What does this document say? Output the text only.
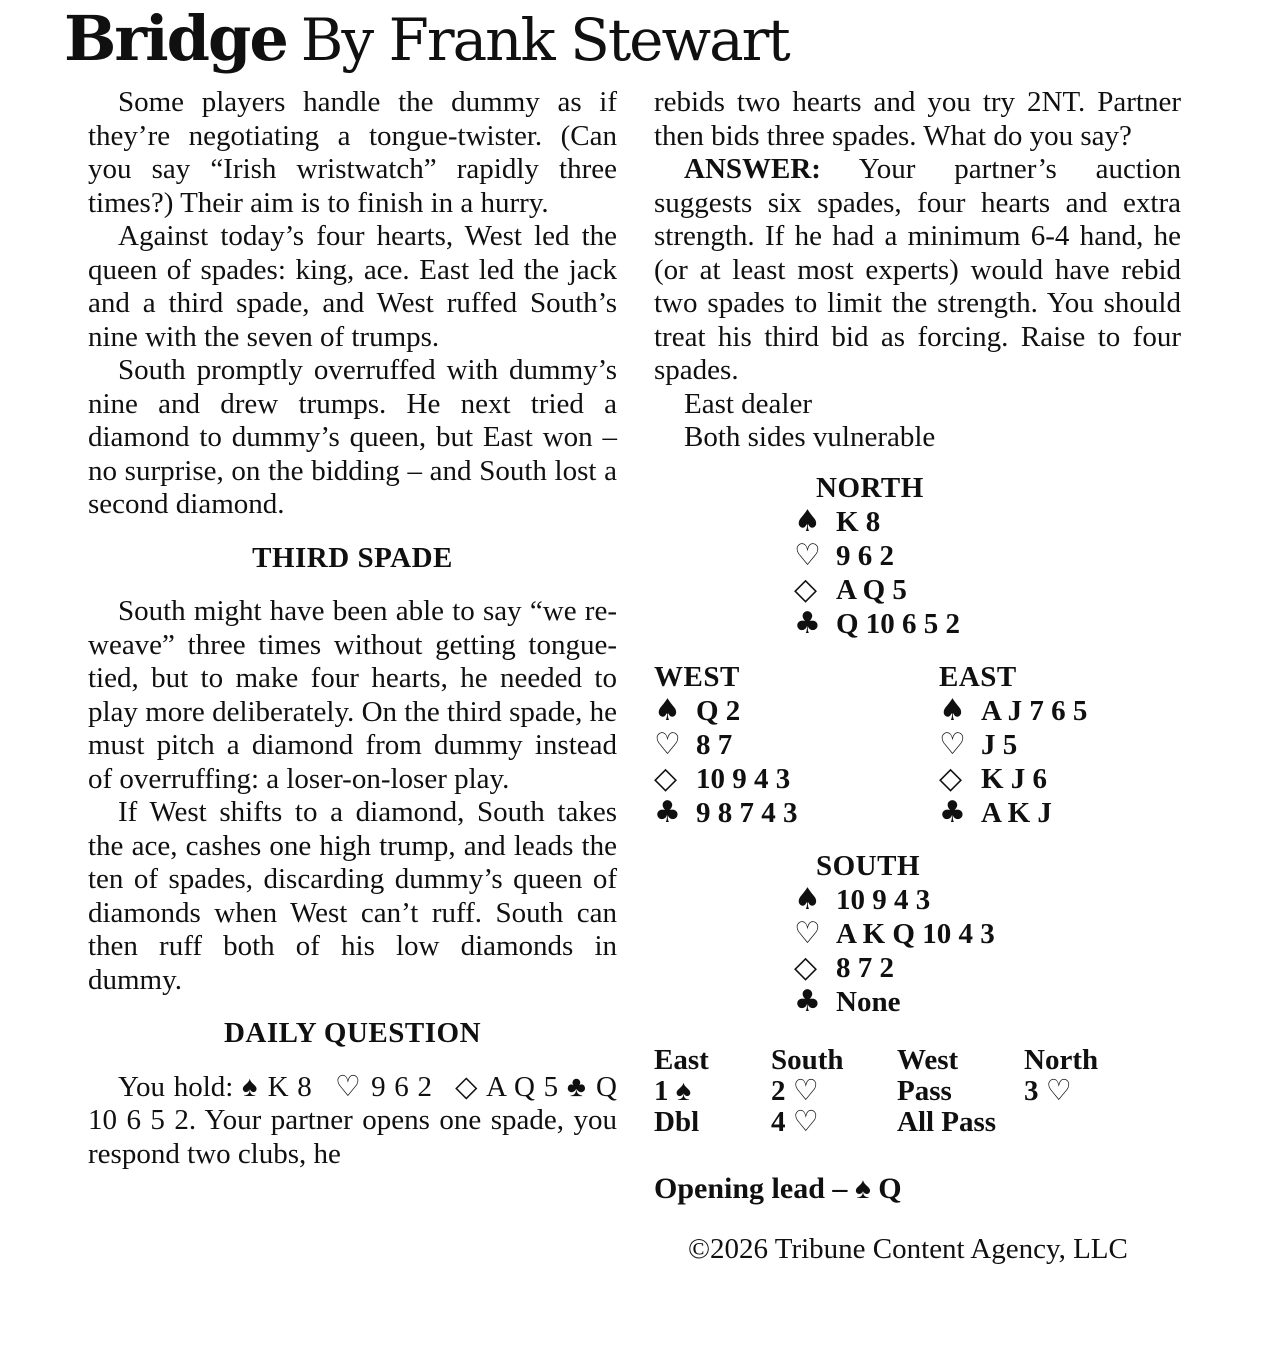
Bridge By Frank Stewart

Some players handle the dummy as if they’re negotiating a tongue-twister. (Can you say “Irish wristwatch” rapidly three times?) Their aim is to finish in a hurry.

Against today’s four hearts, West led the queen of spades: king, ace. East led the jack and a third spade, and West ruffed South’s nine with the seven of trumps.

South promptly overruffed with dummy’s nine and drew trumps. He next tried a diamond to dummy’s queen, but East won – no surprise, on the bidding – and South lost a second diamond.

THIRD SPADE

South might have been able to say “we re-weave” three times without getting tongue-tied, but to make four hearts, he needed to play more deliberately. On the third spade, he must pitch a diamond from dummy instead of overruffing: a loser-on-loser play.

If West shifts to a diamond, South takes the ace, cashes one high trump, and leads the ten of spades, discarding dummy’s queen of diamonds when West can’t ruff. South can then ruff both of his low diamonds in dummy.

DAILY QUESTION

You hold: ♠ K 8  ♡ 9 6 2  ◇ A Q 5 ♣ Q 10 6 5 2. Your partner opens one spade, you respond two clubs, he

rebids two hearts and you try 2NT. Partner then bids three spades. What do you say?

ANSWER: Your partner’s auction suggests six spades, four hearts and extra strength. If he had a minimum 6-4 hand, he (or at least most experts) would have rebid two spades to limit the strength. You should treat his third bid as forcing. Raise to four spades.

East dealer

Both sides vulnerable

NORTH
♠ K 8
♡ 9 6 2
◇ A Q 5
♣ Q 10 6 5 2
WEST
♠ Q 2
♡ 8 7
◇ 10 9 4 3
♣ 9 8 7 4 3
EAST
♠ A J 7 6 5
♡ J 5
◇ K J 6
♣ A K J
SOUTH
♠ 10 9 4 3
♡ A K Q 10 4 3
◇ 8 7 2
♣ None
East	South	West	North
1 ♠	2 ♡	Pass	3 ♡
Dbl	4 ♡	All Pass

Opening lead – ♠ Q

©2026 Tribune Content Agency, LLC
